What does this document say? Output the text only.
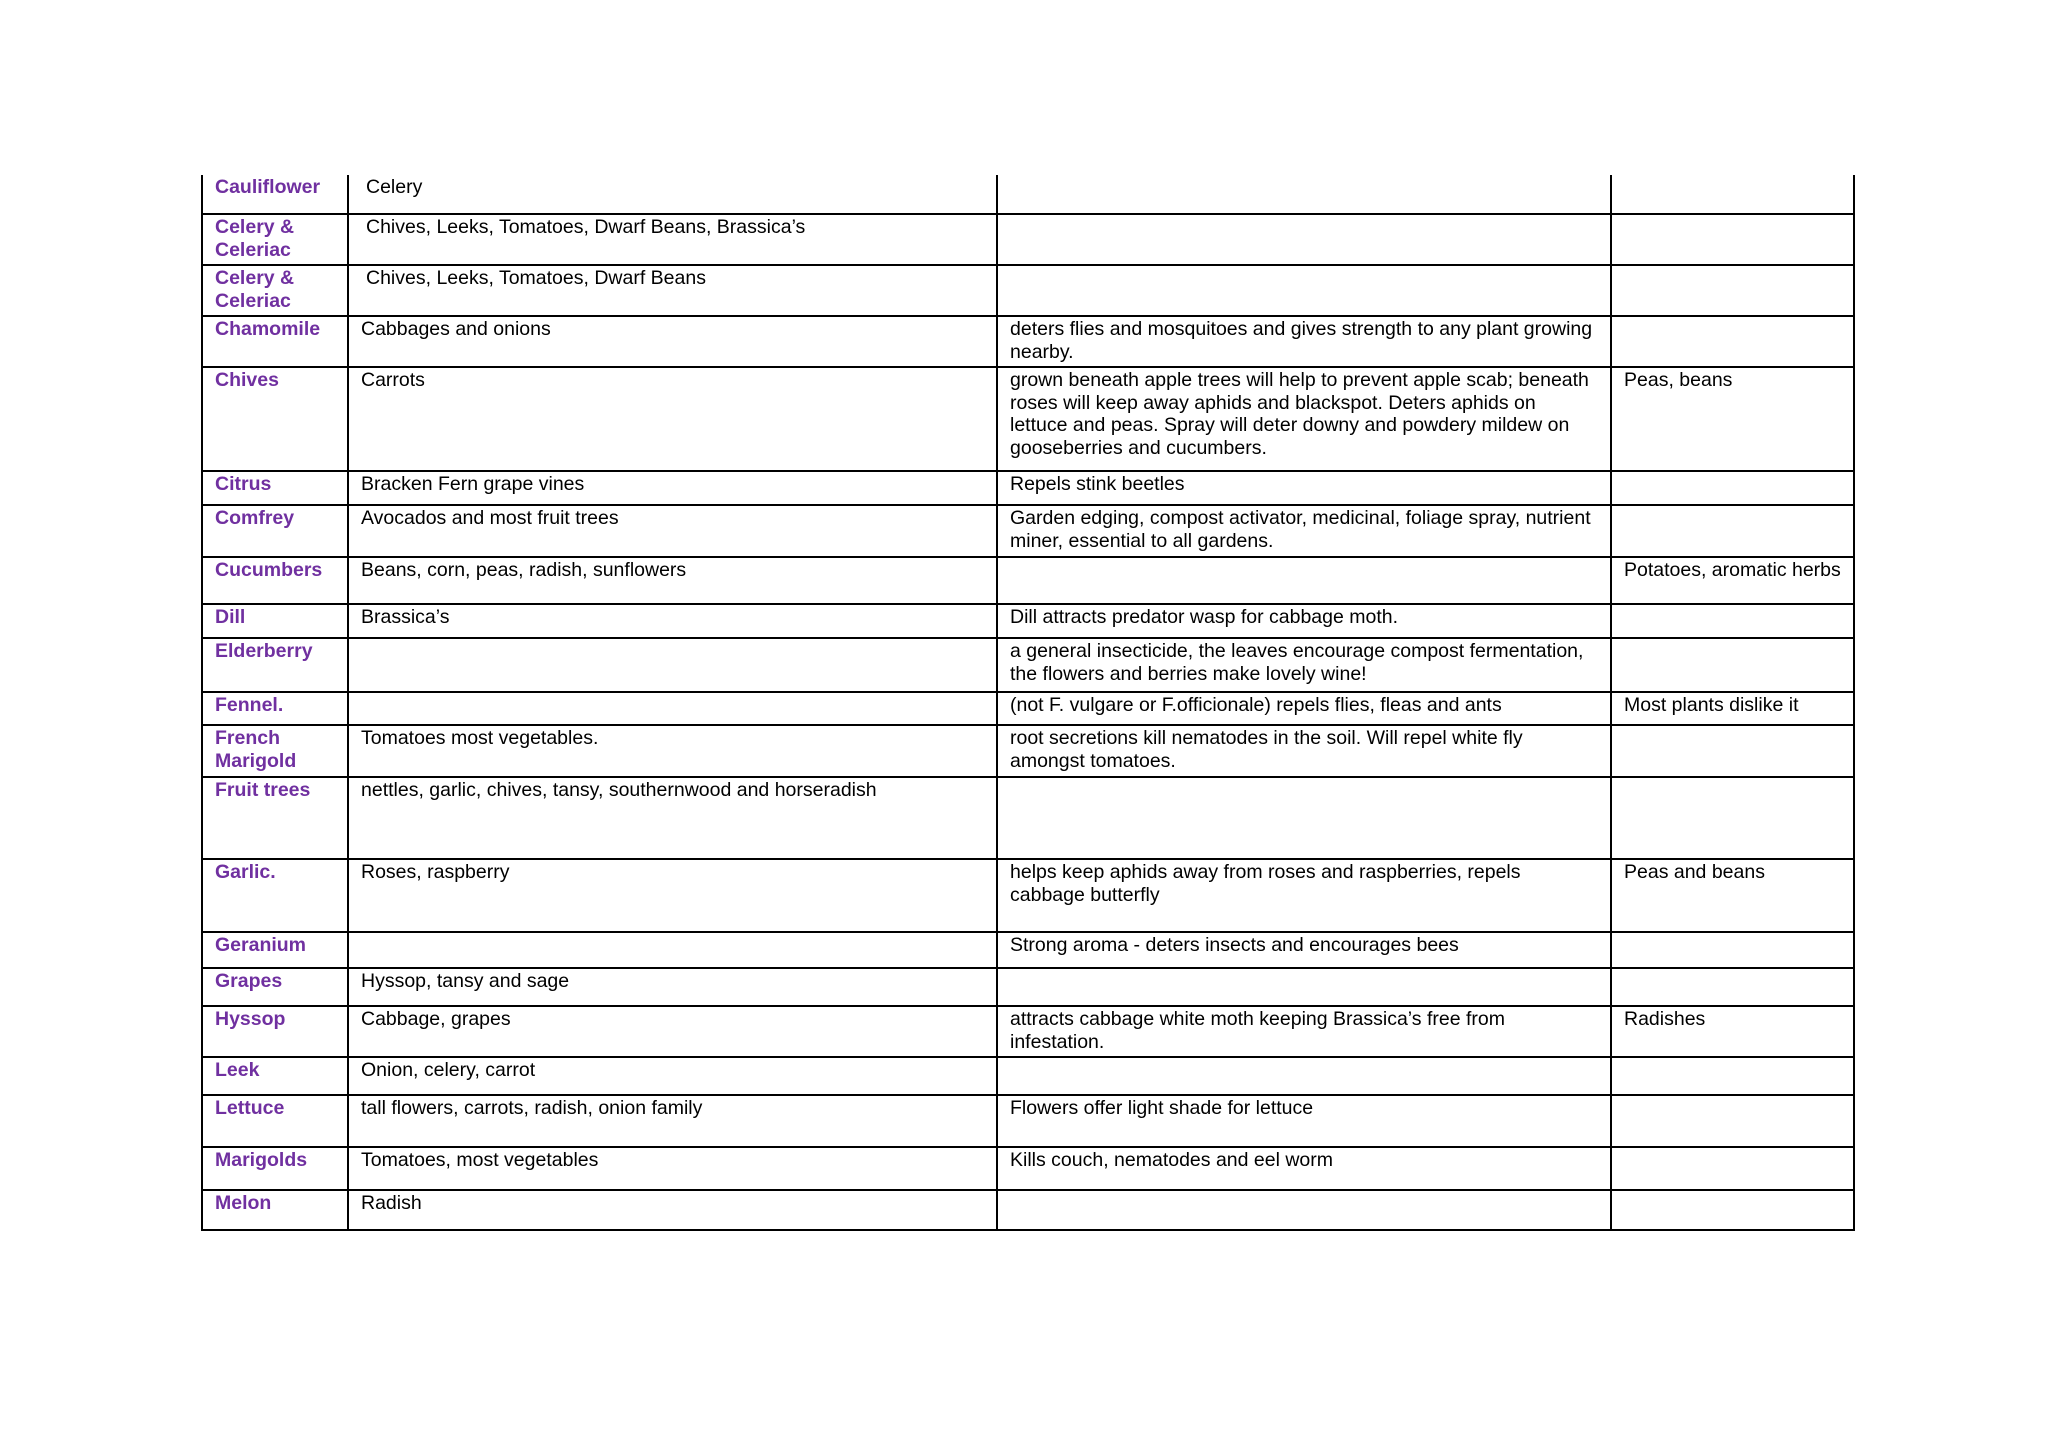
Cauliflower	Celery		
Celery & Celeriac	Chives, Leeks, Tomatoes, Dwarf Beans, Brassica’s		
Celery & Celeriac	Chives, Leeks, Tomatoes, Dwarf Beans		
Chamomile	Cabbages and onions	deters flies and mosquitoes and gives strength to any plant growing nearby.	
Chives	Carrots	grown beneath apple trees will help to prevent apple scab; beneath roses will keep away aphids and blackspot. Deters aphids on lettuce and peas. Spray will deter downy and powdery mildew on gooseberries and cucumbers.	Peas, beans
Citrus	Bracken Fern grape vines	Repels stink beetles	
Comfrey	Avocados and most fruit trees	Garden edging, compost activator, medicinal, foliage spray, nutrient miner, essential to all gardens.	
Cucumbers	Beans, corn, peas, radish, sunflowers		Potatoes, aromatic herbs
Dill	Brassica’s	Dill attracts predator wasp for cabbage moth.	
Elderberry		a general insecticide, the leaves encourage compost fermentation, the flowers and berries make lovely wine!	
Fennel.		(not F. vulgare or F.officionale) repels flies, fleas and ants	Most plants dislike it
French Marigold	Tomatoes most vegetables.	root secretions kill nematodes in the soil. Will repel white fly amongst tomatoes.	
Fruit trees	nettles, garlic, chives, tansy, southernwood and horseradish		
Garlic.	Roses, raspberry	helps keep aphids away from roses and raspberries, repels cabbage butterfly	Peas and beans
Geranium		Strong aroma - deters insects and encourages bees	
Grapes	Hyssop, tansy and sage		
Hyssop	Cabbage, grapes	attracts cabbage white moth keeping Brassica’s free from infestation.	Radishes
Leek	Onion, celery, carrot		
Lettuce	tall flowers, carrots, radish, onion family	Flowers offer light shade for lettuce	
Marigolds	Tomatoes, most vegetables	Kills couch, nematodes and eel worm	
Melon	Radish		
